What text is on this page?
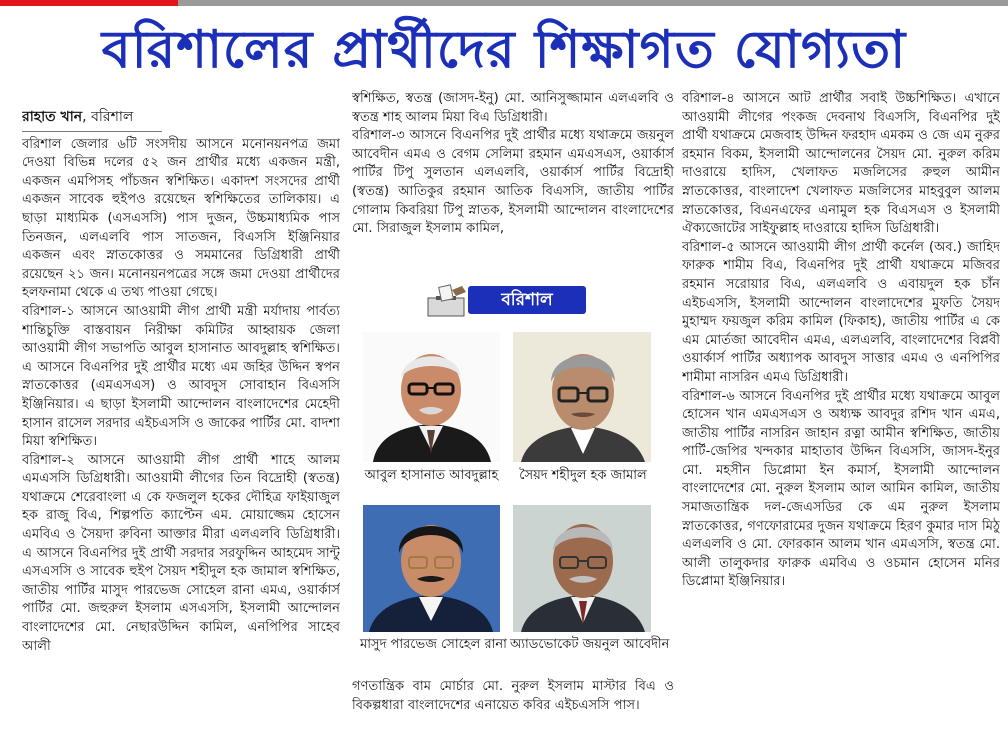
বরিশালের প্রার্থীদের শিক্ষাগত যোগ্যতা

রাহাত খান, বরিশাল

বরিশাল জেলার ৬টি সংসদীয় আসনে মনোনয়নপত্র জমা দেওয়া বিভিন্ন দলের ৫২ জন প্রার্থীর মধ্যে একজন মন্ত্রী, একজন এমপিসহ পাঁচজন স্বশিক্ষিত। একাদশ সংসদের প্রার্থী একজন সাবেক হুইপও রয়েছেন স্বশিক্ষিতের তালিকায়। এ ছাড়া মাধ্যমিক (এসএসসি) পাস দুজন, উচ্চমাধ্যমিক পাস তিনজন, এলএলবি পাস সাতজন, বিএসসি ইঞ্জিনিয়ার একজন এবং স্নাতকোত্তর ও সমমানের ডিগ্রিধারী প্রার্থী রয়েছেন ২১ জন। মনোনয়নপত্রের সঙ্গে জমা দেওয়া প্রার্থীদের হলফনামা থেকে এ তথ্য পাওয়া গেছে।

বরিশাল-১ আসনে আওয়ামী লীগ প্রার্থী মন্ত্রী মর্যাদায় পার্বত্য শান্তিচুক্তি বাস্তবায়ন নিরীক্ষা কমিটির আহ্বায়ক জেলা আওয়ামী লীগ সভাপতি আবুল হাসানাত আবদুল্লাহ স্বশিক্ষিত। এ আসনে বিএনপির দুই প্রার্থীর মধ্যে এম জহির উদ্দিন স্বপন স্নাতকোত্তর (এমএসএস) ও আবদুস সোবাহান বিএসসি ইঞ্জিনিয়ার। এ ছাড়া ইসলামী আন্দোলন বাংলাদেশের মেহেদী হাসান রাসেল সরদার এইচএসসি ও জাকের পার্টির মো. বাদশা মিয়া স্বশিক্ষিত।

বরিশাল-২ আসনে আওয়ামী লীগ প্রার্থী শাহে আলম এমএসসি ডিগ্রিধারী। আওয়ামী লীগের তিন বিদ্রোহী (স্বতন্ত্র) যথাক্রমে শেরেবাংলা এ কে ফজলুল হকের দৌহিত্র ফাইয়াজুল হক রাজু বিএ, শিল্পপতি ক্যাপ্টেন এম. মোয়াজ্জেম হোসেন এমবিএ ও সৈয়দা রুবিনা আক্তার মীরা এলএলবি ডিগ্রিধারী। এ আসনে বিএনপির দুই প্রার্থী সরদার সরফুদ্দিন আহমেদ সান্টু এসএসসি ও সাবেক হুইপ সৈয়দ শহীদুল হক জামাল স্বশিক্ষিত, জাতীয় পার্টির মাসুদ পারভেজ সোহেল রানা এমএ, ওয়ার্কার্স পার্টির মো. জহুরুল ইসলাম এসএসসি, ইসলামী আন্দোলন বাংলাদেশের মো. নেছারউদ্দিন কামিল, এনপিপির সাহেব আলী

স্বশিক্ষিত, স্বতন্ত্র (জাসদ-ইনু) মো. আনিসুজ্জামান এলএলবি ও স্বতন্ত্র শাহ আলম মিয়া বিএ ডিগ্রিধারী।

বরিশাল-৩ আসনে বিএনপির দুই প্রার্থীর মধ্যে যথাক্রমে জয়নুল আবেদীন এমএ ও বেগম সেলিমা রহমান এমএসএস, ওয়ার্কার্স পার্টির টিপু সুলতান এলএলবি, ওয়ার্কার্স পার্টির বিদ্রোহী (স্বতন্ত্র) আতিকুর রহমান আতিক বিএসসি, জাতীয় পার্টির গোলাম কিবরিয়া টিপু স্নাতক, ইসলামী আন্দোলন বাংলাদেশের মো. সিরাজুল ইসলাম কামিল,

বরিশাল
আবুল হাসানাত আবদুল্লাহ	সৈয়দ শহীদুল হক জামাল
মাসুদ পারভেজ সোহেল রানা অ্যাডভোকেট জয়নুল আবেদীন

গণতান্ত্রিক বাম মোর্চার মো. নুরুল ইসলাম মাস্টার বিএ ও বিকল্পধারা বাংলাদেশের এনায়েত কবির এইচএসসি পাস।

বরিশাল-৪ আসনে আট প্রার্থীর সবাই উচ্চশিক্ষিত। এখানে আওয়ামী লীগের পংকজ দেবনাথ বিএসসি, বিএনপির দুই প্রার্থী যথাক্রমে মেজবাহ উদ্দিন ফরহাদ এমকম ও জে এম নুরুর রহমান বিকম, ইসলামী আন্দোলনের সৈয়দ মো. নুরুল করিম দাওরায়ে হাদিস, খেলাফত মজলিসের রুহুল আমীন স্নাতকোত্তর, বাংলাদেশ খেলাফত মজলিসের মাহবুবুল আলম স্নাতকোত্তর, বিএনএফের এনামুল হক বিএসএস ও ইসলামী ঐক্যজোটের সাইফুল্লাহ দাওরায়ে হাদিস ডিগ্রিধারী।

বরিশাল-৫ আসনে আওয়ামী লীগ প্রার্থী কর্নেল (অব.) জাহিদ ফারুক শামীম বিএ, বিএনপির দুই প্রার্থী যথাক্রমে মজিবর রহমান সরোয়ার বিএ, এলএলবি ও এবায়দুল হক চাঁন এইচএসসি, ইসলামী আন্দোলন বাংলাদেশের মুফতি সৈয়দ মুহাম্মদ ফয়জুল করিম কামিল (ফিকাহ), জাতীয় পার্টির এ কে এম মোর্তজা আবেদীন এমএ, এলএলবি, বাংলাদেশের বিপ্লবী ওয়ার্কার্স পার্টির অধ্যাপক আবদুস সাত্তার এমএ ও এনপিপির শামীমা নাসরিন এমএ ডিগ্রিধারী।

বরিশাল-৬ আসনে বিএনপির দুই প্রার্থীর মধ্যে যথাক্রমে আবুল হোসেন খান এমএসএস ও অধ্যক্ষ আবদুর রশিদ খান এমএ, জাতীয় পার্টির নাসরিন জাহান রত্না আমীন স্বশিক্ষিত, জাতীয় পার্টি-জেপির খন্দকার মাহাতাব উদ্দিন বিএসসি, জাসদ-ইনুর মো. মহসীন ডিপ্লোমা ইন কমার্স, ইসলামী আন্দোলন বাংলাদেশের মো. নুরুল ইসলাম আল আমিন কামিল, জাতীয় সমাজতান্ত্রিক দল-জেএসডির কে এম নুরুল ইসলাম স্নাতকোত্তর, গণফোরামের দুজন যথাক্রমে হিরণ কুমার দাস মিঠু এলএলবি ও মো. ফোরকান আলম খান এমএসসি, স্বতন্ত্র মো. আলী তালুকদার ফারুক এমবিএ ও ওচমান হোসেন মনির ডিপ্লোমা ইঞ্জিনিয়ার।
